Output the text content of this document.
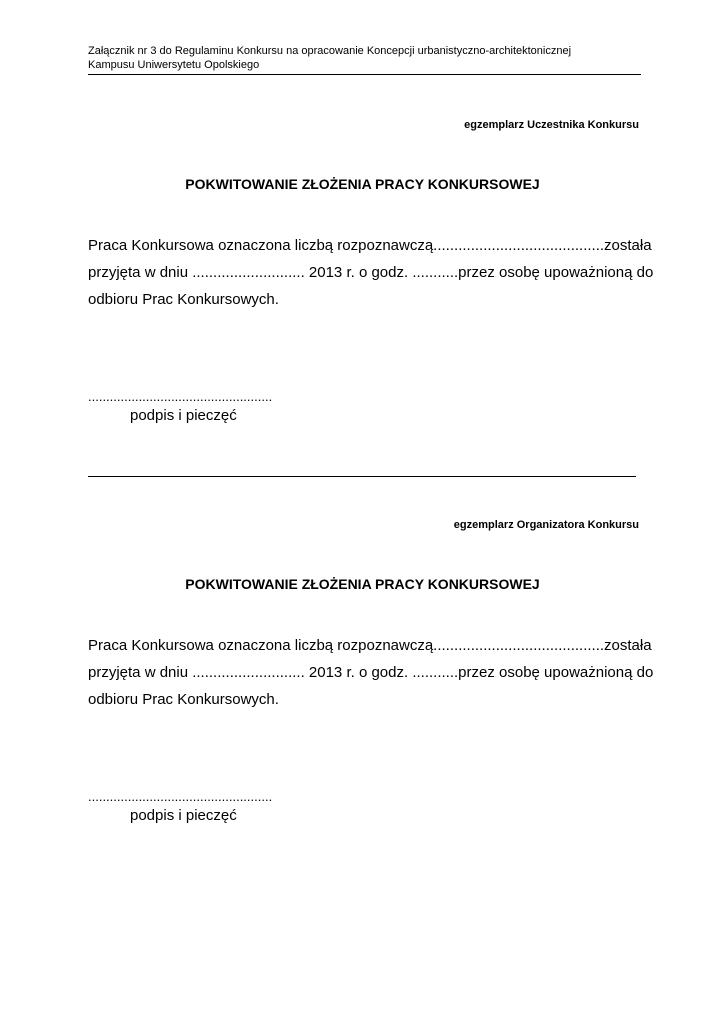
Załącznik nr 3 do Regulaminu Konkursu na opracowanie Koncepcji urbanistyczno-architektonicznej
Kampusu Uniwersytetu Opolskiego
egzemplarz Uczestnika Konkursu
POKWITOWANIE ZŁOŻENIA PRACY KONKURSOWEJ
Praca Konkursowa oznaczona liczbą rozpoznawczą.........................................została
przyjęta w dniu ........................... 2013 r. o godz. ...........przez osobę upoważnioną do
odbioru Prac Konkursowych.
...................................................
podpis i pieczęć
egzemplarz Organizatora Konkursu
POKWITOWANIE ZŁOŻENIA PRACY KONKURSOWEJ
Praca Konkursowa oznaczona liczbą rozpoznawczą.........................................została
przyjęta w dniu ........................... 2013 r. o godz. ...........przez osobę upoważnioną do
odbioru Prac Konkursowych.
...................................................
podpis i pieczęć
